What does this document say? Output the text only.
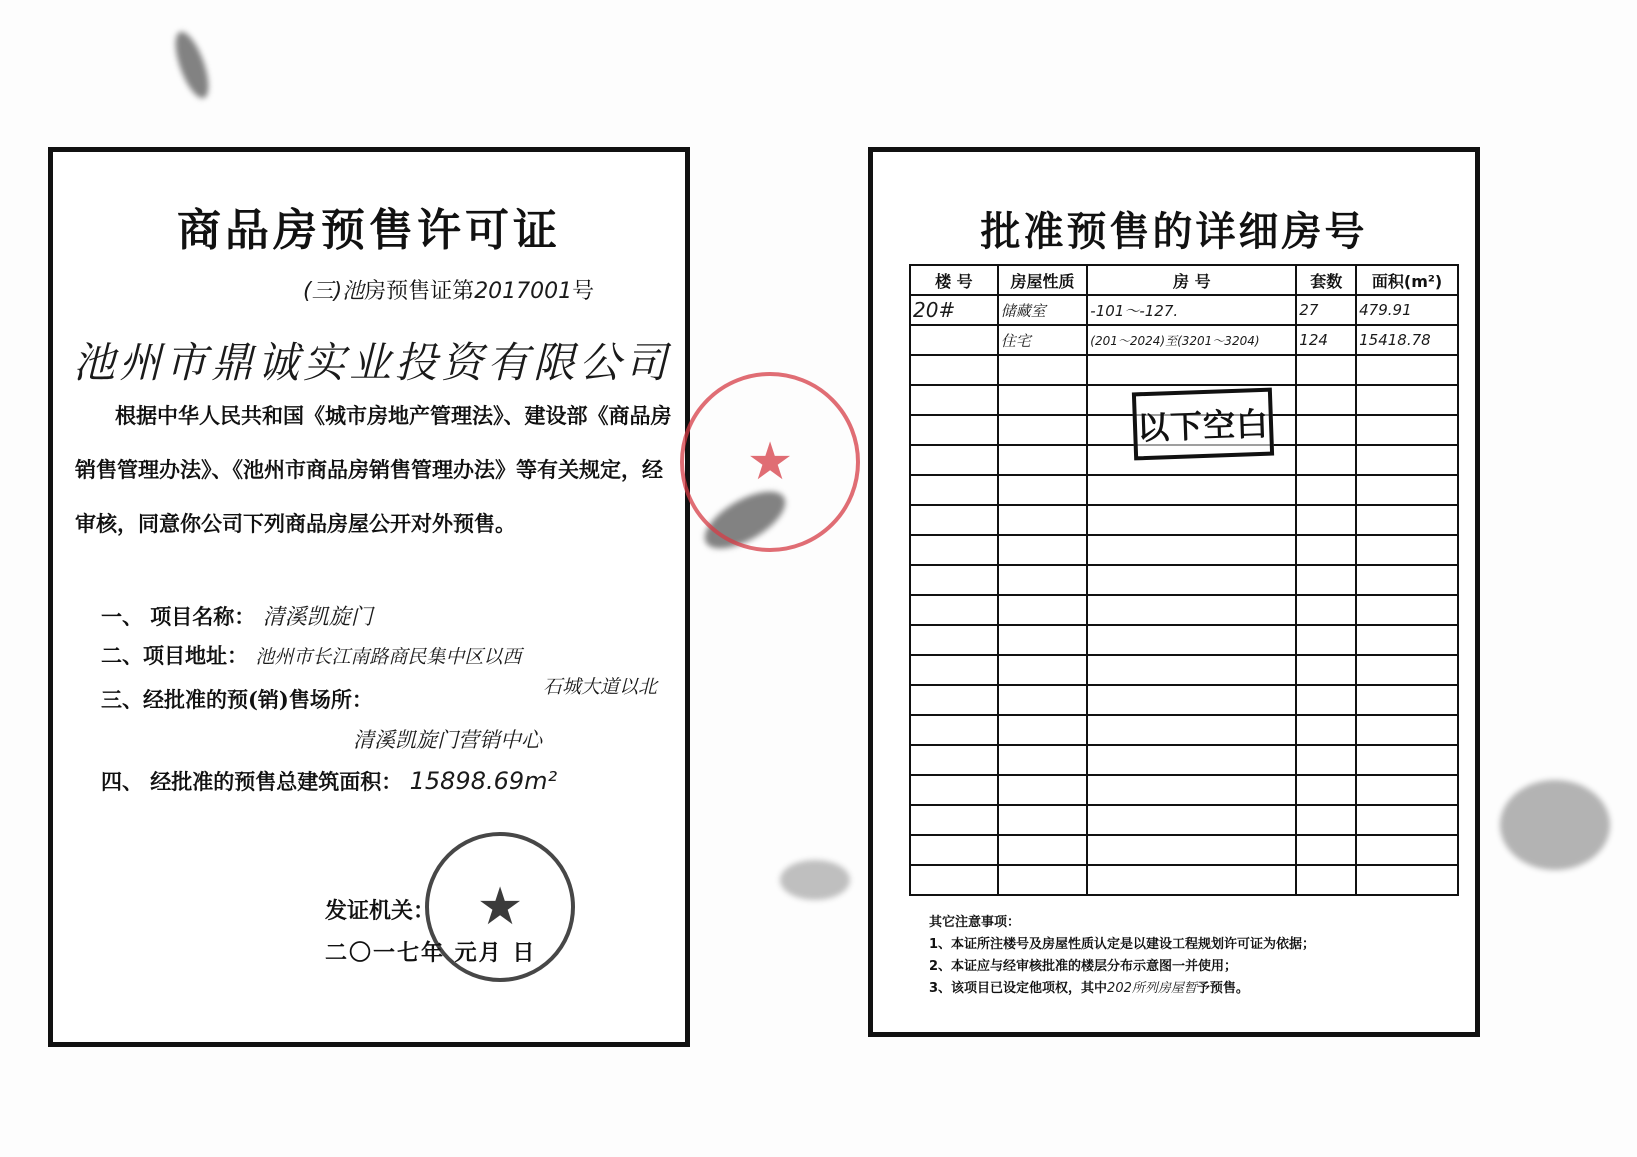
商品房预售许可证
(三)池房预售证第2017001号
池州市鼎诚实业投资有限公司
根据中华人民共和国《城市房地产管理法》、建设部《商品房销售管理办法》、《池州市商品房销售管理办法》等有关规定，经审核，同意你公司下列商品房屋公开对外预售。
一、 项目名称： 清溪凯旋门
二、项目地址： 池州市长江南路商民集中区以西
石城大道以北
三、经批准的预(销)售场所：
清溪凯旋门营销中心
四、 经批准的预售总建筑面积： 15898.69m²
发证机关：
二〇一七年 元月 日
★
★
批准预售的详细房号
楼 号	房屋性质	房 号	套数	面积(m²)
20#	储藏室	-101～-127.	27	479.91
	住宅	(201～2024)至(3201～3204)	124	15418.78

以下空白
其它注意事项：
1、本证所注楼号及房屋性质认定是以建设工程规划许可证为依据；
2、本证应与经审核批准的楼层分布示意图一并使用；
3、该项目已设定他项权，其中202所列房屋暂予预售。
